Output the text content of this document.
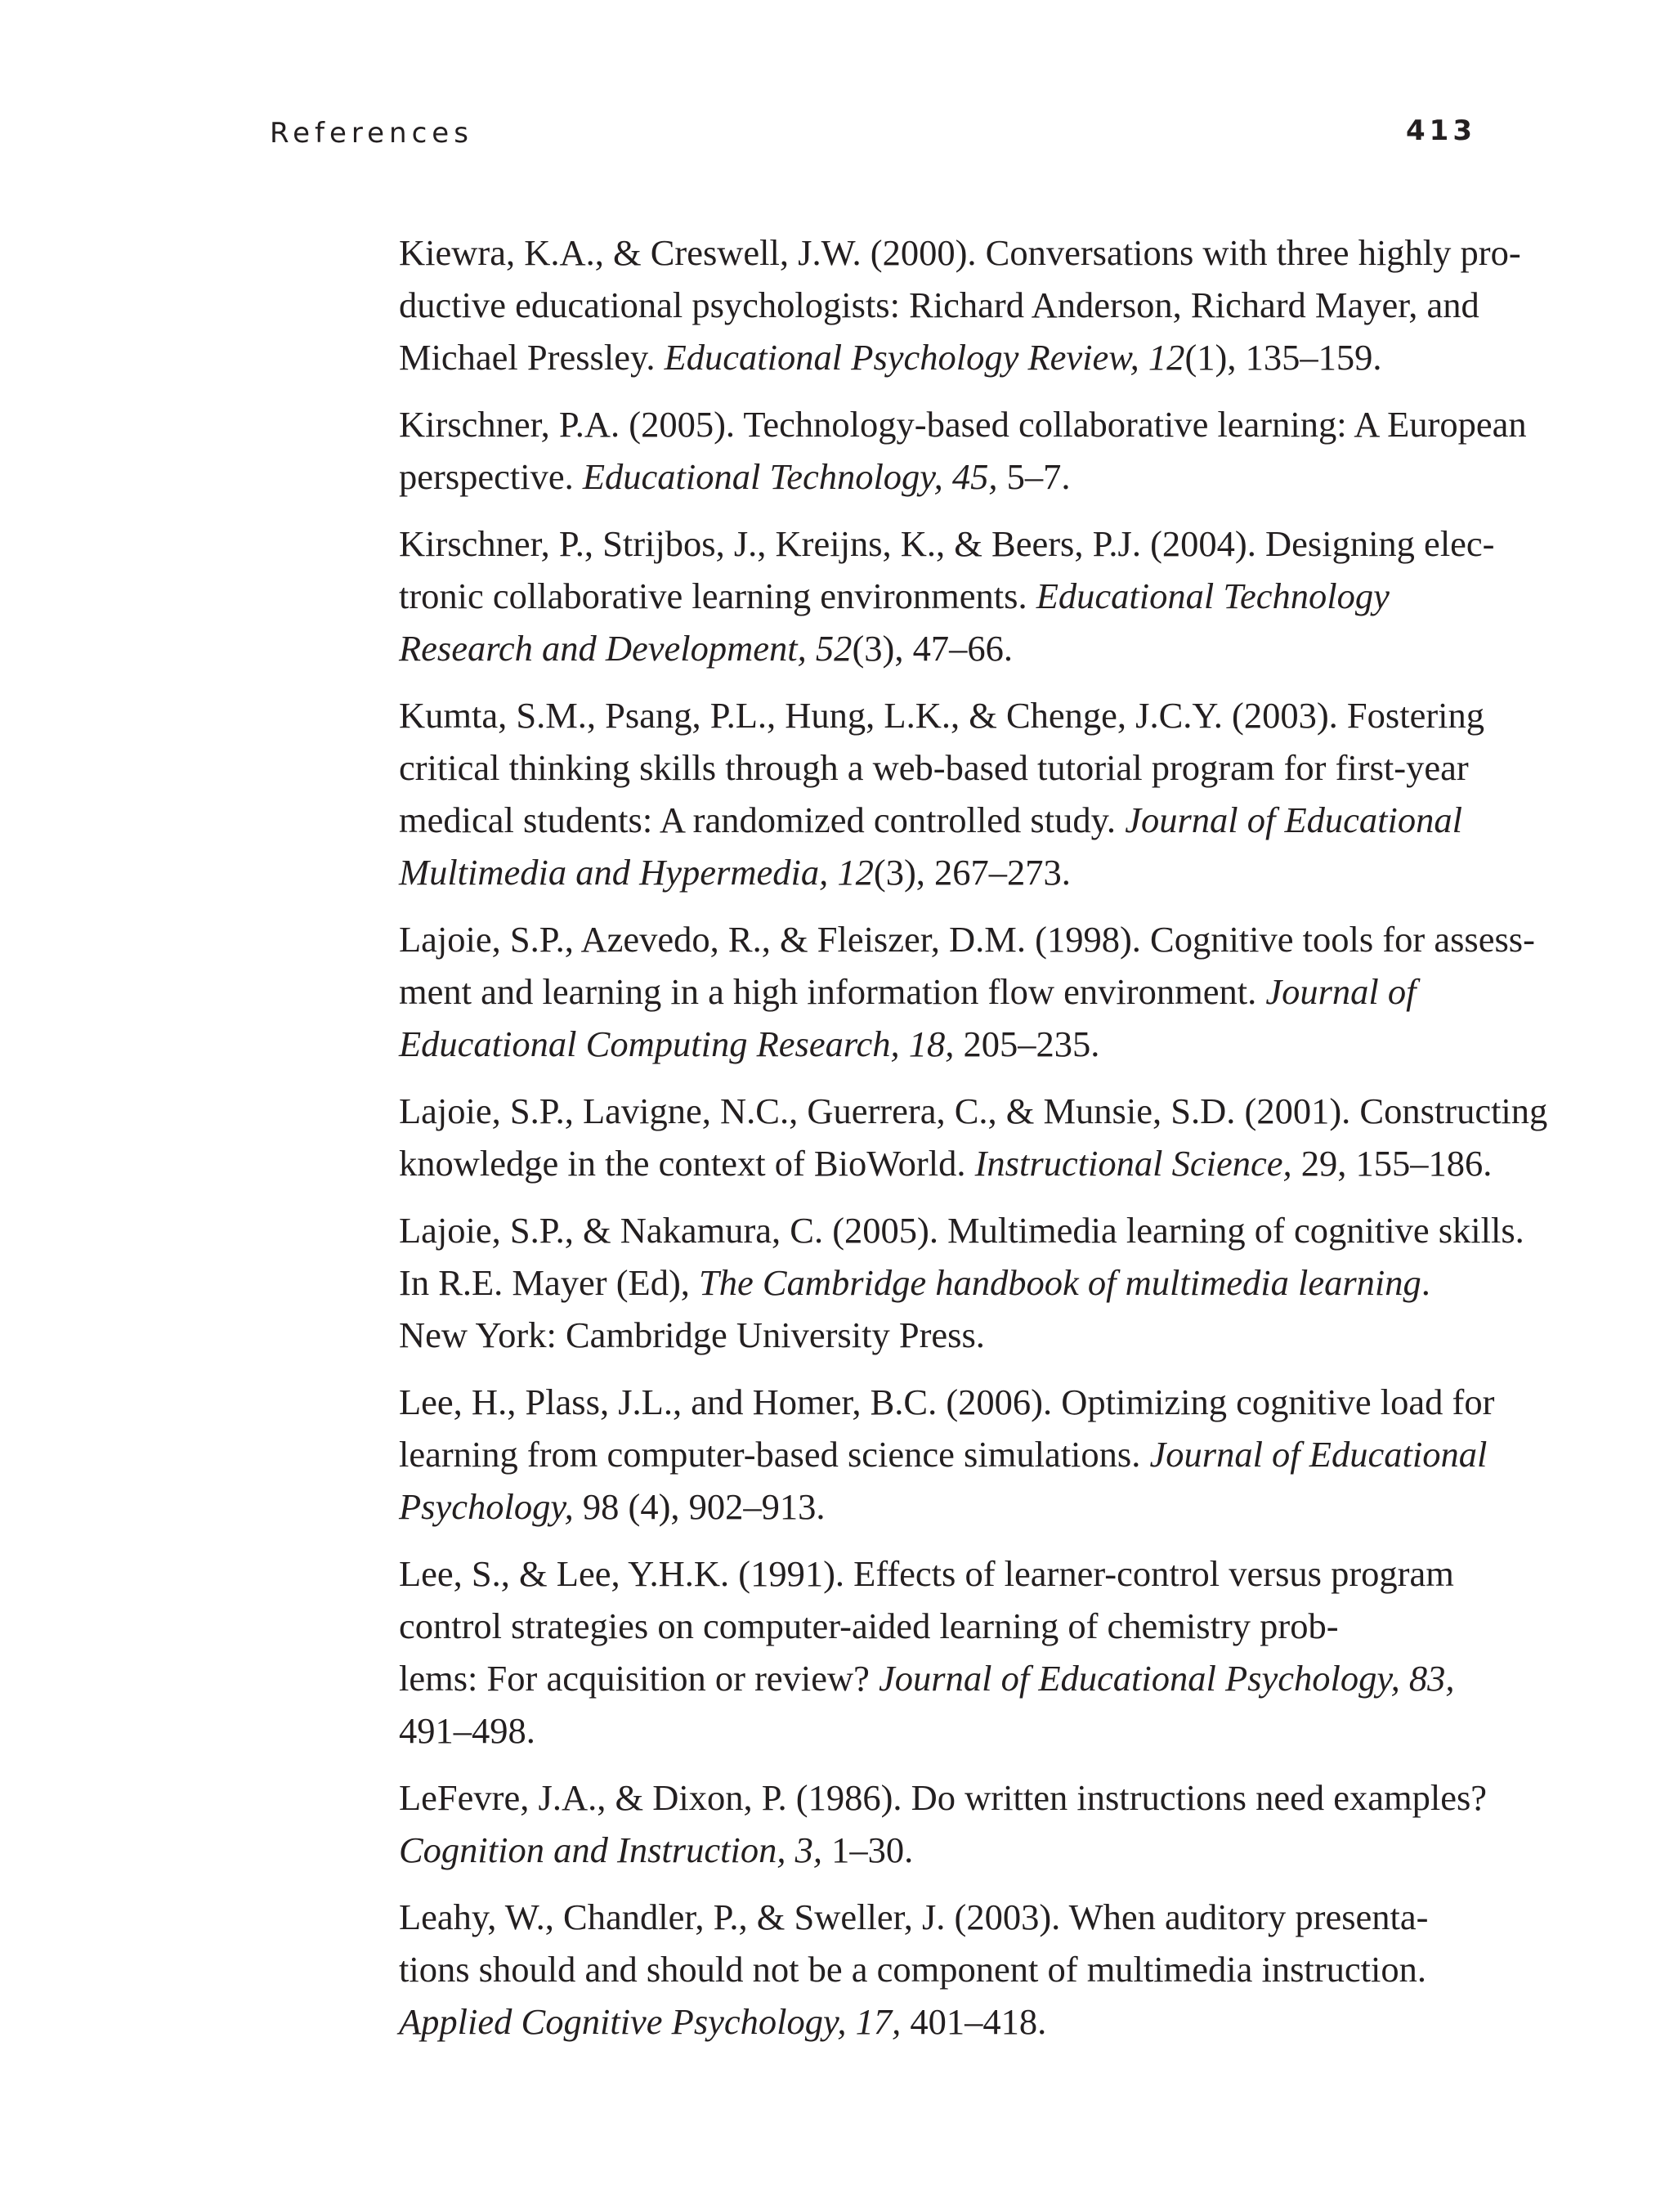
References	413
Kiewra, K.A., & Creswell, J.W. (2000). Conversations with three highly pro-
ductive educational psychologists: Richard Anderson, Richard Mayer, and
Michael Pressley. Educational Psychology Review, 12(1), 135–159.
Kirschner, P.A. (2005). Technology-based collaborative learning: A European
perspective. Educational Technology, 45, 5–7.
Kirschner, P., Strijbos, J., Kreijns, K., & Beers, P.J. (2004). Designing elec-
tronic collaborative learning environments. Educational Technology
Research and Development, 52(3), 47–66.
Kumta, S.M., Psang, P.L., Hung, L.K., & Chenge, J.C.Y. (2003). Fostering
critical thinking skills through a web-based tutorial program for first-year
medical students: A randomized controlled study. Journal of Educational
Multimedia and Hypermedia, 12(3), 267–273.
Lajoie, S.P., Azevedo, R., & Fleiszer, D.M. (1998). Cognitive tools for assess-
ment and learning in a high information flow environment. Journal of
Educational Computing Research, 18, 205–235.
Lajoie, S.P., Lavigne, N.C., Guerrera, C., & Munsie, S.D. (2001). Constructing
knowledge in the context of BioWorld. Instructional Science, 29, 155–186.
Lajoie, S.P., & Nakamura, C. (2005). Multimedia learning of cognitive skills.
In R.E. Mayer (Ed), The Cambridge handbook of multimedia learning.
New York: Cambridge University Press.
Lee, H., Plass, J.L., and Homer, B.C. (2006). Optimizing cognitive load for
learning from computer-based science simulations. Journal of Educational
Psychology, 98 (4), 902–913.
Lee, S., & Lee, Y.H.K. (1991). Effects of learner-control versus program
control strategies on computer-aided learning of chemistry prob-
lems: For acquisition or review? Journal of Educational Psychology, 83,
491–498.
LeFevre, J.A., & Dixon, P. (1986). Do written instructions need examples?
Cognition and Instruction, 3, 1–30.
Leahy, W., Chandler, P., & Sweller, J. (2003). When auditory presenta-
tions should and should not be a component of multimedia instruction.
Applied Cognitive Psychology, 17, 401–418.
